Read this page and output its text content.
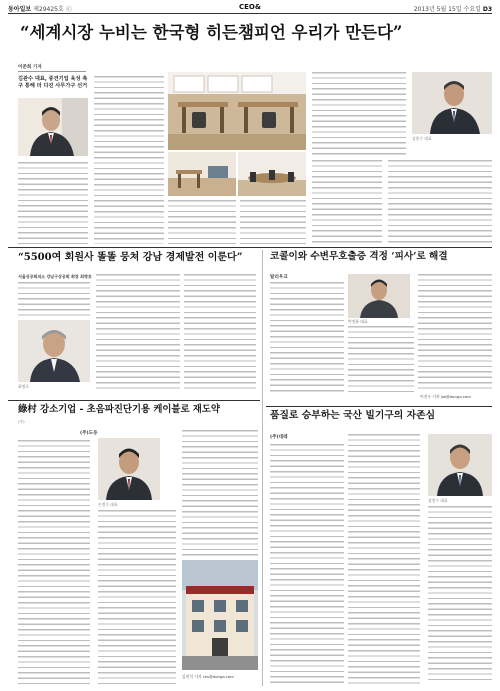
동아일보 제29425호 ⓒ	CEO&	2013년 5월 15일 수요일 D3
“세계시장 누비는 한국형 히든챔피언 우리가 만든다”
이준희 기자
김관수 대표, 중견기업 육성 촉구 통해 더 다진 사무가구 선거
김종수 대표
“5500여 회원사 똘똘 뭉쳐 강남 경제발전 이룬다”
서울상공회의소 강남구상공회 회장 최병호
최병호
코콜이와 수변무호출증 격정 ‘피사’로 해결
탈리우크
박정윤 대표
이진우 기자 ljw@donga.com
綠村 강소기업 - 초음파진단기용 케이블로 재도약
(주)
(주)도동
손정수 대표
김진석 기자 cks@donga.com
품질로 승부하는 국산 빌기구의 자존심
(주)대레
장정수 대표
